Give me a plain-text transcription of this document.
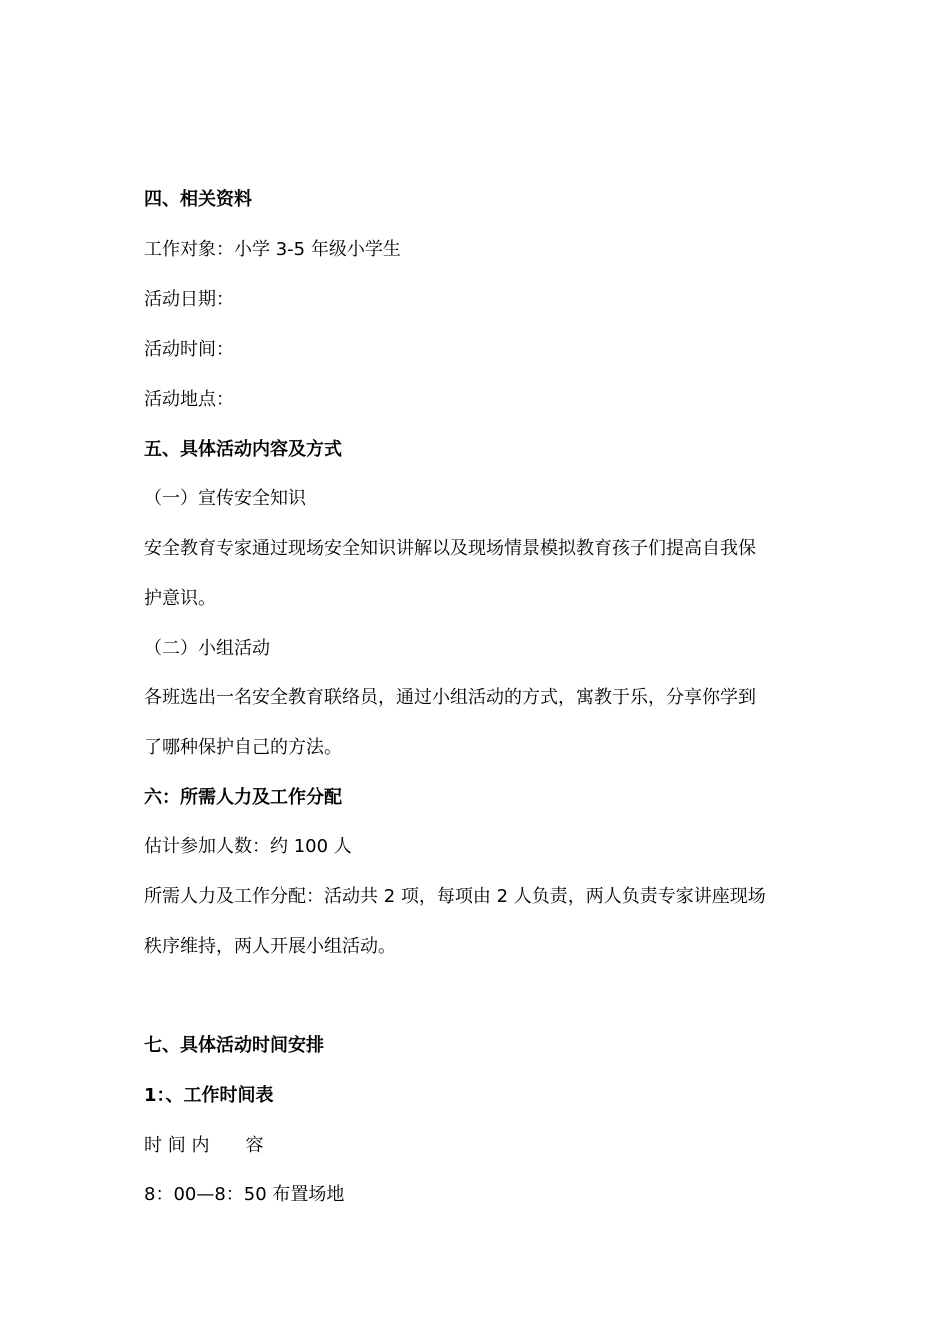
四、相关资料
工作对象：小学 3-5 年级小学生
活动日期：
活动时间：
活动地点：
五、具体活动内容及方式
（一）宣传安全知识
安全教育专家通过现场安全知识讲解以及现场情景模拟教育孩子们提高自我保
护意识。
（二）小组活动
各班选出一名安全教育联络员，通过小组活动的方式，寓教于乐，分享你学到
了哪种保护自己的方法。
六：所需人力及工作分配
估计参加人数：约 100 人
所需人力及工作分配：活动共 2 项，每项由 2 人负责，两人负责专家讲座现场
秩序维持，两人开展小组活动。
七、具体活动时间安排
1：、工作时间表
时 间 内　　容
8：00—8：50 布置场地
